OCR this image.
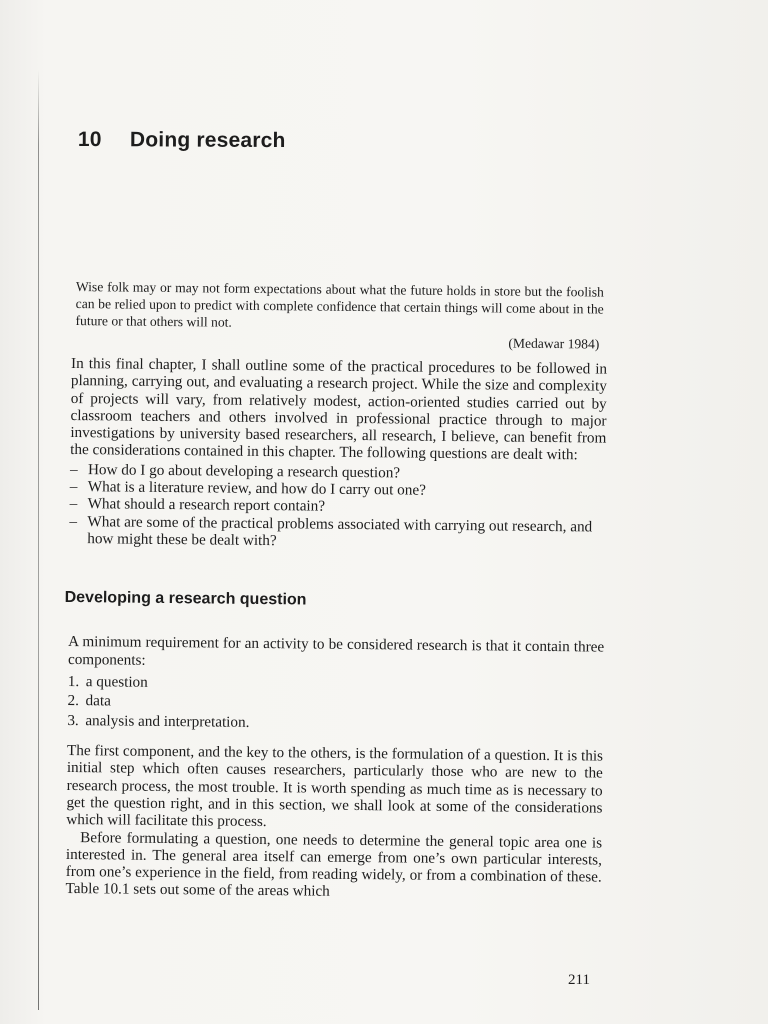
10 Doing research

Wise folk may or may not form expectations about what the future holds in store but the foolish can be relied upon to predict with complete confidence that certain things will come about in the future or that others will not.

(Medawar 1984)

In this final chapter, I shall outline some of the practical procedures to be followed in planning, carrying out, and evaluating a research project. While the size and complexity of projects will vary, from relatively modest, action-oriented studies carried out by classroom teachers and others involved in professional practice through to major investigations by university based researchers, all research, I believe, can benefit from the considerations contained in this chapter. The following questions are dealt with:

– How do I go about developing a research question?
– What is a literature review, and how do I carry out one?
– What should a research report contain?
– What are some of the practical problems associated with carrying out research, and how might these be dealt with?
Developing a research question

A minimum requirement for an activity to be considered research is that it contain three components:

1. a question
2. data
3. analysis and interpretation.

The first component, and the key to the others, is the formulation of a question. It is this initial step which often causes researchers, particularly those who are new to the research process, the most trouble. It is worth spending as much time as is necessary to get the question right, and in this section, we shall look at some of the considerations which will facilitate this process.

Before formulating a question, one needs to determine the general topic area one is interested in. The general area itself can emerge from one’s own particular interests, from one’s experience in the field, from reading widely, or from a combination of these. Table 10.1 sets out some of the areas which

211
